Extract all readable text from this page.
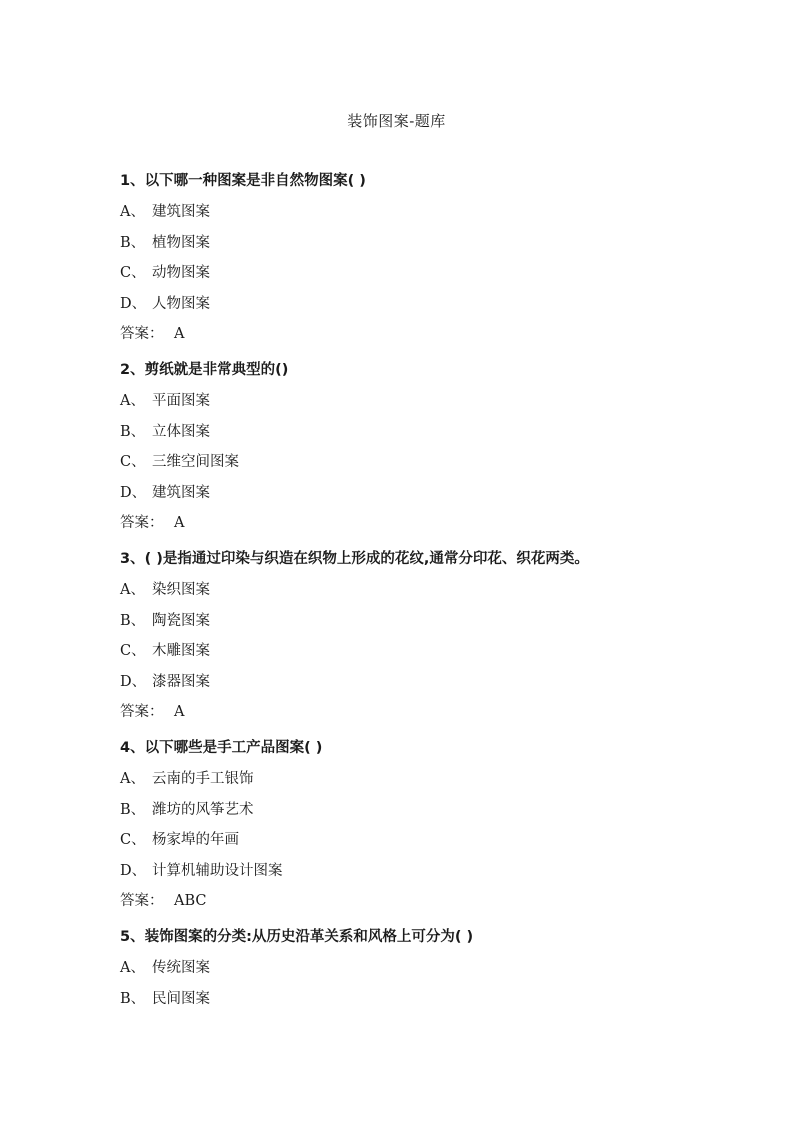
装饰图案-题库
1、以下哪一种图案是非自然物图案( )
A、 建筑图案
B、 植物图案
C、 动物图案
D、 人物图案
答案： A
2、剪纸就是非常典型的()
A、 平面图案
B、 立体图案
C、 三维空间图案
D、 建筑图案
答案： A
3、( )是指通过印染与织造在织物上形成的花纹,通常分印花、织花两类。
A、 染织图案
B、 陶瓷图案
C、 木雕图案
D、 漆器图案
答案： A
4、以下哪些是手工产品图案( )
A、 云南的手工银饰
B、 潍坊的风筝艺术
C、 杨家埠的年画
D、 计算机辅助设计图案
答案： ABC
5、装饰图案的分类:从历史沿革关系和风格上可分为( )
A、 传统图案
B、 民间图案
